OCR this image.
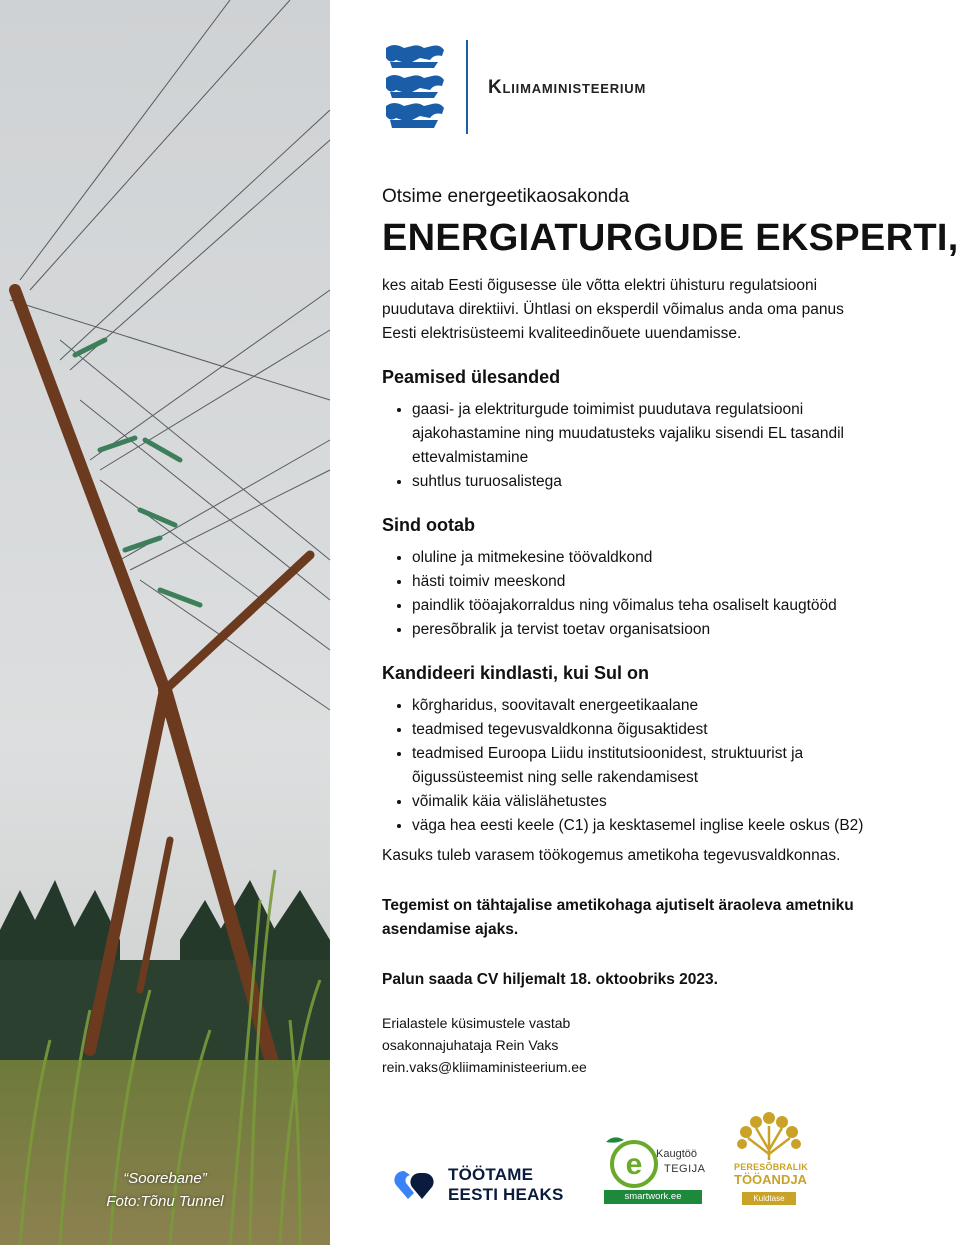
“Soorebane”
Foto:Tõnu Tunnel
Kliimaministeerium

Otsime energeetikaosakonda

ENERGIATURGUDE EKSPERTI,

kes aitab Eesti õigusesse üle võtta elektri ühisturu regulatsiooni puudutava direktiivi. Ühtlasi on eksperdil võimalus anda oma panus Eesti elektrisüsteemi kvaliteedinõuete uuendamisse.

Peamised ülesanded
• gaasi- ja elektriturgude toimimist puudutava regulatsiooni ajakohastamine ning muudatusteks vajaliku sisendi EL tasandil ettevalmistamine
• suhtlus turuosalistega
Sind ootab
• oluline ja mitmekesine töövaldkond
• hästi toimiv meeskond
• paindlik tööajakorraldus ning võimalus teha osaliselt kaugtööd
• peresõbralik ja tervist toetav organisatsioon
Kandideeri kindlasti, kui Sul on
• kõrgharidus, soovitavalt energeetikaalane
• teadmised tegevusvaldkonna õigusaktidest
• teadmised Euroopa Liidu institutsioonidest, struktuurist ja õigussüsteemist ning selle rakendamisest
• võimalik käia välislähetustes
• väga hea eesti keele (C1) ja kesktasemel inglise keele oskus (B2)

Kasuks tuleb varasem töökogemus ametikoha tegevusvaldkonnas.

Tegemist on tähtajalise ametikohaga ajutiselt äraoleva ametniku asendamise ajaks.

Palun saada CV hiljemalt 18. oktoobriks 2023.

Erialastele küsimustele vastab
osakonnajuhataja Rein Vaks
rein.vaks@kliimaministeerium.ee
TÖÖTAME
EESTI HEAKS
e Kaugtöö
TEGIJA
smartwork.ee
PERESÕBRALIK
TÖÖANDJA
Kuldtase
